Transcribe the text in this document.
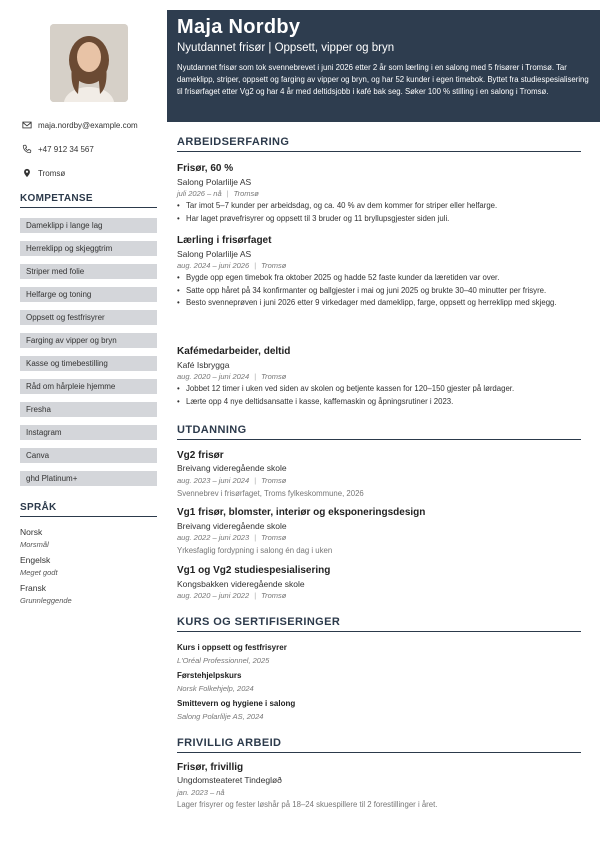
maja.nordby@example.com
+47 912 34 567
Tromsø
KOMPETANSE
Dameklipp i lange lag
Herreklipp og skjeggtrim
Striper med folie
Helfarge og toning
Oppsett og festfrisyrer
Farging av vipper og bryn
Kasse og timebestilling
Råd om hårpleie hjemme
Fresha
Instagram
Canva
ghd Platinum+
SPRÅK
Norsk
Morsmål
Engelsk
Meget godt
Fransk
Grunnleggende
Maja Nordby
Nyutdannet frisør | Oppsett, vipper og bryn
Nyutdannet frisør som tok svennebrevet i juni 2026 etter 2 år som lærling i en salong med 5 frisører i Tromsø. Tar dameklipp, striper, oppsett og farging av vipper og bryn, og har 52 kunder i egen timebok. Byttet fra studiespesialisering til frisørfaget etter Vg2 og har 4 år med deltidsjobb i kafé bak seg. Søker 100 % stilling i en salong i Tromsø.
ARBEIDSERFARING
Frisør, 60 %
Salong Polarlilje AS
juli 2026 – nå | Tromsø
• Tar imot 5–7 kunder per arbeidsdag, og ca. 40 % av dem kommer for striper eller helfarge.
• Har laget prøvefrisyrer og oppsett til 3 bruder og 11 bryllupsgjester siden juli.
Lærling i frisørfaget
Salong Polarlilje AS
aug. 2024 – juni 2026 | Tromsø
• Bygde opp egen timebok fra oktober 2025 og hadde 52 faste kunder da læretiden var over.
• Satte opp håret på 34 konfirmanter og ballgjester i mai og juni 2025 og brukte 30–40 minutter per frisyre.
• Besto svenneprøven i juni 2026 etter 9 virkedager med dameklipp, farge, oppsett og herreklipp med skjegg.
Kafémedarbeider, deltid
Kafé Isbrygga
aug. 2020 – juni 2024 | Tromsø
• Jobbet 12 timer i uken ved siden av skolen og betjente kassen for 120–150 gjester på lørdager.
• Lærte opp 4 nye deltidsansatte i kasse, kaffemaskin og åpningsrutiner i 2023.
UTDANNING
Vg2 frisør
Breivang videregående skole
aug. 2023 – juni 2024 | Tromsø
Svennebrev i frisørfaget, Troms fylkeskommune, 2026
Vg1 frisør, blomster, interiør og eksponeringsdesign
Breivang videregående skole
aug. 2022 – juni 2023 | Tromsø
Yrkesfaglig fordypning i salong én dag i uken
Vg1 og Vg2 studiespesialisering
Kongsbakken videregående skole
aug. 2020 – juni 2022 | Tromsø
KURS OG SERTIFISERINGER
Kurs i oppsett og festfrisyrer
L'Oréal Professionnel, 2025
Førstehjelpskurs
Norsk Folkehjelp, 2024
Smittevern og hygiene i salong
Salong Polarlilje AS, 2024
FRIVILLIG ARBEID
Frisør, frivillig
Ungdomsteateret Tindegløð
jan. 2023 – nå
Lager frisyrer og fester løshår på 18–24 skuespillere til 2 forestillinger i året.
